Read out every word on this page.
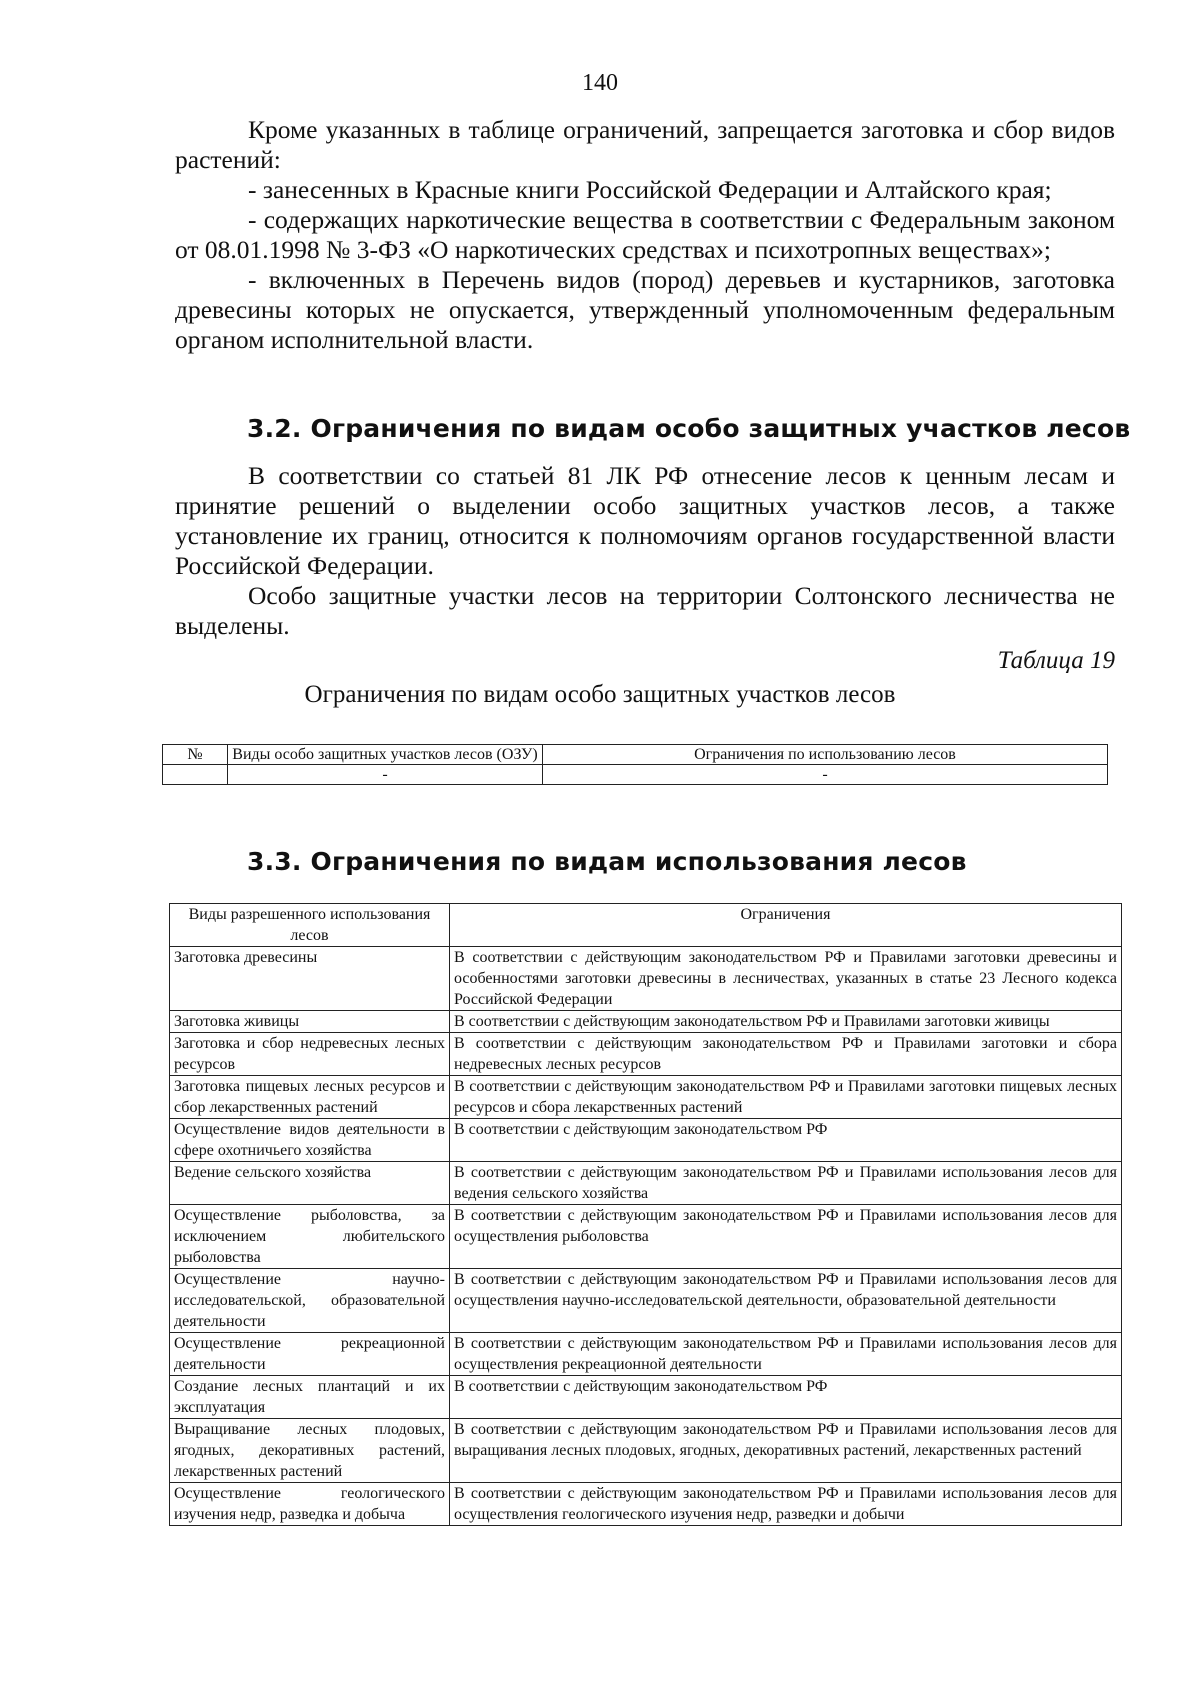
140

Кроме указанных в таблице ограничений, запрещается заготовка и сбор видов растений:

- занесенных в Красные книги Российской Федерации и Алтайского края;

- содержащих наркотические вещества в соответствии с Федеральным законом от 08.01.1998 № 3-ФЗ «О наркотических средствах и психотропных веществах»;

- включенных в Перечень видов (пород) деревьев и кустарников, заготовка древесины которых не опускается, утвержденный уполномоченным федеральным органом исполнительной власти.

3.2. Ограничения по видам особо защитных участков лесов

В соответствии со статьей 81 ЛК РФ отнесение лесов к ценным лесам и принятие решений о выделении особо защитных участков лесов, а также установление их границ, относится к полномочиям органов государственной власти Российской Федерации.

Особо защитные участки лесов на территории Солтонского лесничества не выделены.

Таблица 19
Ограничения по видам особо защитных участков лесов
№	Виды особо защитных участков лесов (ОЗУ)	Ограничения по использованию лесов
	-	-
3.3. Ограничения по видам использования лесов
Виды разрешенного использования лесов	Ограничения
Заготовка древесины	В соответствии с действующим законодательством РФ и Правилами заготовки древесины и особенностями заготовки древесины в лесничествах, указанных в статье 23 Лесного кодекса Российской Федерации
Заготовка живицы	В соответствии с действующим законодательством РФ и Правилами заготовки живицы
Заготовка и сбор недревесных лесных ресурсов	В соответствии с действующим законодательством РФ и Правилами заготовки и сбора недревесных лесных ресурсов
Заготовка пищевых лесных ресурсов и сбор лекарственных растений	В соответствии с действующим законодательством РФ и Правилами заготовки пищевых лесных ресурсов и сбора лекарственных растений
Осуществление видов деятельности в сфере охотничьего хозяйства	В соответствии с действующим законодательством РФ
Ведение сельского хозяйства	В соответствии с действующим законодательством РФ и Правилами использования лесов для ведения сельского хозяйства
Осуществление рыболовства, за исключением любительского рыболовства	В соответствии с действующим законодательством РФ и Правилами использования лесов для осуществления рыболовства
Осуществление научно-исследовательской, образовательной деятельности	В соответствии с действующим законодательством РФ и Правилами использования лесов для осуществления научно-исследовательской деятельности, образовательной деятельности
Осуществление рекреационной деятельности	В соответствии с действующим законодательством РФ и Правилами использования лесов для осуществления рекреационной деятельности
Создание лесных плантаций и их эксплуатация	В соответствии с действующим законодательством РФ
Выращивание лесных плодовых, ягодных, декоративных растений, лекарственных растений	В соответствии с действующим законодательством РФ и Правилами использования лесов для выращивания лесных плодовых, ягодных, декоративных растений, лекарственных растений
Осуществление геологического изучения недр, разведка и добыча	В соответствии с действующим законодательством РФ и Правилами использования лесов для осуществления геологического изучения недр, разведки и добычи
